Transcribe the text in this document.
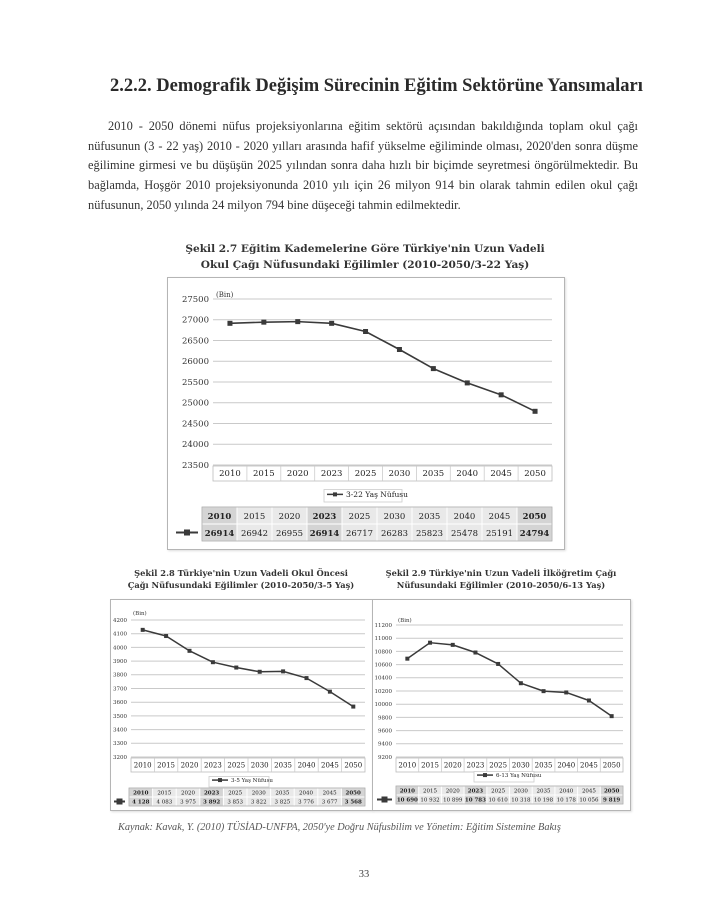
2.2.2. Demografik Değişim Sürecinin Eğitim Sektörüne Yansımaları
2010 - 2050 dönemi nüfus projeksiyonlarına eğitim sektörü açısından bakıldığında toplam okul çağı nüfusunun (3 - 22 yaş) 2010 - 2020 yılları arasında hafif yükselme eğiliminde olması, 2020'den sonra düşme eğilimine girmesi ve bu düşüşün 2025 yılından sonra daha hızlı bir biçimde seyretmesi öngörülmektedir. Bu bağlamda, Hoşgör 2010 projeksiyonunda 2010 yılı için 26 milyon 914 bin olarak tahmin edilen okul çağı nüfusunun, 2050 yılında 24 milyon 794 bine düşeceği tahmin edilmektedir.
Şekil 2.7 Eğitim Kademelerine Göre Türkiye'nin Uzun Vadeli
Okul Çağı Nüfusundaki Eğilimler (2010-2050/3-22 Yaş)
(Bin)
23500
24000
24500
25000
25500
26000
26500
27000
27500
2010 2015 2020 2023 2025 2030 2035 2040 2045 2050
3-22 Yaş Nüfusu
2010
26914
2015
26942
2020
26955
2023
26914
2025
26717
2030
26283
2035
25823
2040
25478
2045
25191
2050
24794
Şekil 2.8 Türkiye'nin Uzun Vadeli Okul Öncesi
Çağı Nüfusundaki Eğilimler (2010-2050/3-5 Yaş)
(Bin)
3200
3300
3400
3500
3600
3700
3800
3900
4000
4100
4200
2010 2015 2020 2023 2025 2030 2035 2040 2045 2050
3-5 Yaş Nüfusu
2010
4 128
2015
4 083
2020
3 975
2023
3 892
2025
3 853
2030
3 822
2035
3 825
2040
3 776
2045
3 677
2050
3 568
Şekil 2.9 Türkiye'nin Uzun Vadeli İlköğretim Çağı
Nüfusundaki Eğilimler (2010-2050/6-13 Yaş)
(Bin)
9200
9400
9600
9800
10000
10200
10400
10600
10800
11000
11200
2010 2015 2020 2023 2025 2030 2035 2040 2045 2050
6-13 Yaş Nüfusu
2010
10 690
2015
10 932
2020
10 899
2023
10 783
2025
10 610
2030
10 318
2035
10 198
2040
10 178
2045
10 056
2050
9 819
Kaynak: Kavak, Y. (2010) TÜSİAD-UNFPA, 2050'ye Doğru Nüfusbilim ve Yönetim: Eğitim Sistemine Bakış
33
